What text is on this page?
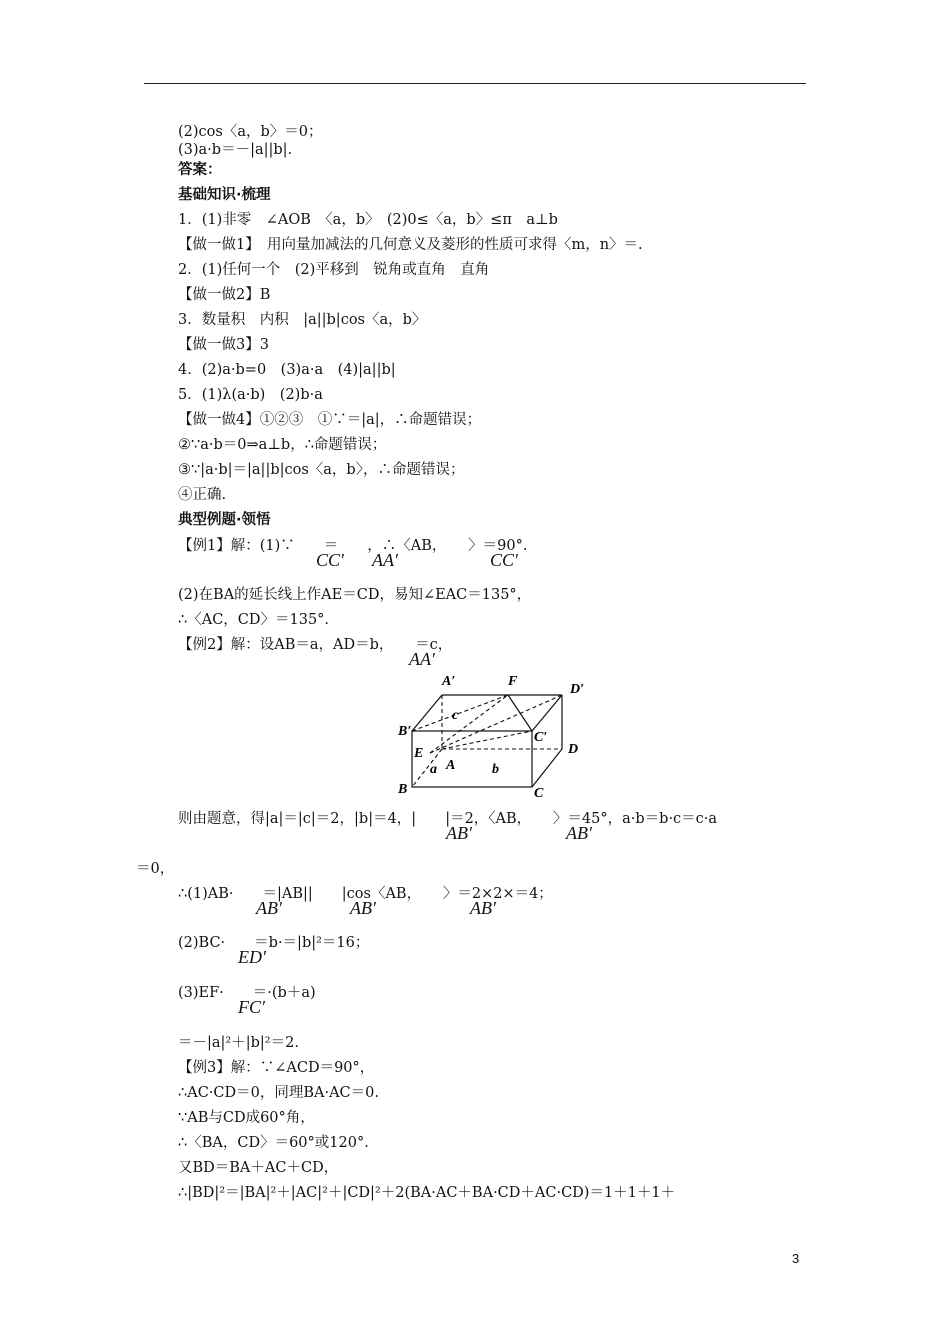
(2)cos〈a，b〉＝0；
(3)a·b＝－|a||b|.
答案：
基础知识·梳理
1．(1)非零　∠AOB　〈a，b〉　(2)0≤〈a，b〉≤π　a⊥b
【做一做1】　用向量加减法的几何意义及菱形的性质可求得〈m，n〉＝.
2．(1)任何一个　(2)平移到　锐角或直角　直角
【做一做2】B
3．数量积　内积　|a||b|cos〈a，b〉
【做一做3】3
4．(2)a·b=0　(3)a·a　(4)|a||b|
5．(1)λ(a·b)　(2)b·a
【做一做4】①②③　①∵＝|a|，∴命题错误；
②∵a·b＝0⇒a⊥b，∴命题错误；
③∵|a·b|＝|a||b|cos〈a，b〉，∴命题错误；
④正确.
典型例题·领悟
【例1】解：(1)∵　　＝　　，∴〈AB，　　〉＝90°.
(2)在BA的延长线上作AE＝CD，易知∠EAC＝135°，
∴〈AC，CD〉＝135°.
【例2】解：设AB＝a，AD＝b，　　＝c，
则由题意，得|a|＝|c|＝2，|b|＝4，|　　|＝2，〈AB，　　〉＝45°，a·b＝b·c＝c·a
＝0，
∴(1)AB·　　＝|AB||　　|cos〈AB，　　〉＝2×2×＝4；
(2)BC·　　＝b·＝|b|²＝16；
(3)EF·　　＝·(b＋a)
＝－|a|²＋|b|²＝2.
【例3】解：∵∠ACD＝90°，
∴AC·CD＝0，同理BA·AC＝0.
∵AB与CD成60°角，
∴〈BA，CD〉＝60°或120°.
又BD＝BA＋AC＋CD，
∴|BD|²＝|BA|²＋|AC|²＋|CD|²＋2(BA·AC＋BA·CD＋AC·CD)＝1＋1＋1＋
CC′ AA′	CC′
AA′
AB′	AB′
AB′	AB′	AB′
ED′
FC′
A′	F
D′
c
B′	C′
E
a A
D
b
B	C
3
